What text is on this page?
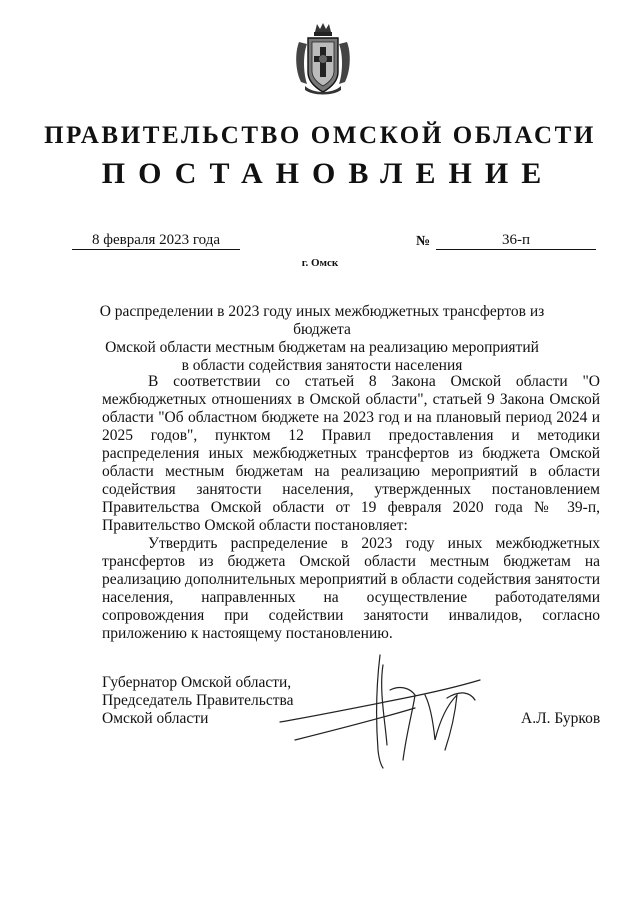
ПРАВИТЕЛЬСТВО ОМСКОЙ ОБЛАСТИ
ПОСТАНОВЛЕНИЕ
8 февраля 2023 года	№	36-п
г. Омск
О распределении в 2023 году иных межбюджетных трансфертов из бюджета
Омской области местным бюджетам на реализацию мероприятий
в области содействия занятости населения

В соответствии со статьей 8 Закона Омской области "О межбюджетных отношениях в Омской области", статьей 9 Закона Омской области "Об областном бюджете на 2023 год и на плановый период 2024 и 2025 годов", пунктом 12 Правил предоставления и методики распределения иных межбюджетных трансфертов из бюджета Омской области местным бюджетам на реализацию мероприятий в области содействия занятости населения, утвержденных постановлением Правительства Омской области от 19 февраля 2020 года № 39-п, Правительство Омской области постановляет:

Утвердить распределение в 2023 году иных межбюджетных трансфертов из бюджета Омской области местным бюджетам на реализацию дополнительных мероприятий в области содействия занятости населения, направленных на осуществление работодателями сопровождения при содействии занятости инвалидов, согласно приложению к настоящему постановлению.

Губернатор Омской области,
Председатель Правительства
Омской области	А.Л. Бурков
